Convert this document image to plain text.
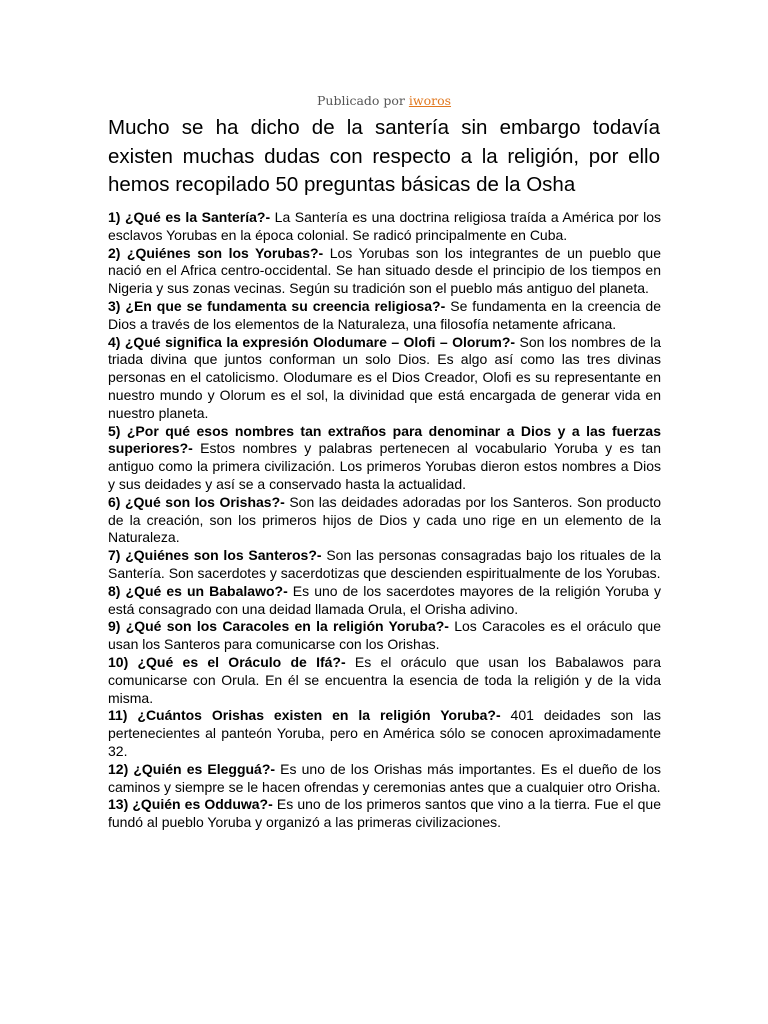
Publicado por iworos
Mucho se ha dicho de la santería sin embargo todavía existen muchas dudas con respecto a la religión, por ello hemos recopilado 50 preguntas básicas de la Osha

1) ¿Qué es la Santería?- La Santería es una doctrina religiosa traída a América por los esclavos Yorubas en la época colonial. Se radicó principalmente en Cuba.

2) ¿Quiénes son los Yorubas?- Los Yorubas son los integrantes de un pueblo que nació en el Africa centro-occidental. Se han situado desde el principio de los tiempos en Nigeria y sus zonas vecinas. Según su tradición son el pueblo más antiguo del planeta.

3) ¿En que se fundamenta su creencia religiosa?- Se fundamenta en la creencia de Dios a través de los elementos de la Naturaleza, una filosofía netamente africana.

4) ¿Qué significa la expresión Olodumare – Olofi – Olorum?- Son los nombres de la triada divina que juntos conforman un solo Dios. Es algo así como las tres divinas personas en el catolicismo. Olodumare es el Dios Creador, Olofi es su representante en nuestro mundo y Olorum es el sol, la divinidad que está encargada de generar vida en nuestro planeta.

5) ¿Por qué esos nombres tan extraños para denominar a Dios y a las fuerzas superiores?- Estos nombres y palabras pertenecen al vocabulario Yoruba y es tan antiguo como la primera civilización. Los primeros Yorubas dieron estos nombres a Dios y sus deidades y así se a conservado hasta la actualidad.

6) ¿Qué son los Orishas?- Son las deidades adoradas por los Santeros. Son producto de la creación, son los primeros hijos de Dios y cada uno rige en un elemento de la Naturaleza.

7) ¿Quiénes son los Santeros?- Son las personas consagradas bajo los rituales de la Santería. Son sacerdotes y sacerdotizas que descienden espiritualmente de los Yorubas.

8) ¿Qué es un Babalawo?- Es uno de los sacerdotes mayores de la religión Yoruba y está consagrado con una deidad llamada Orula, el Orisha adivino.

9) ¿Qué son los Caracoles en la religión Yoruba?- Los Caracoles es el oráculo que usan los Santeros para comunicarse con los Orishas.

10) ¿Qué es el Oráculo de Ifá?- Es el oráculo que usan los Babalawos para comunicarse con Orula. En él se encuentra la esencia de toda la religión y de la vida misma.

11) ¿Cuántos Orishas existen en la religión Yoruba?- 401 deidades son las pertenecientes al panteón Yoruba, pero en América sólo se conocen aproximadamente 32.

12) ¿Quién es Elegguá?- Es uno de los Orishas más importantes. Es el dueño de los caminos y siempre se le hacen ofrendas y ceremonias antes que a cualquier otro Orisha.

13) ¿Quién es Odduwa?- Es uno de los primeros santos que vino a la tierra. Fue el que fundó al pueblo Yoruba y organizó a las primeras civilizaciones.
